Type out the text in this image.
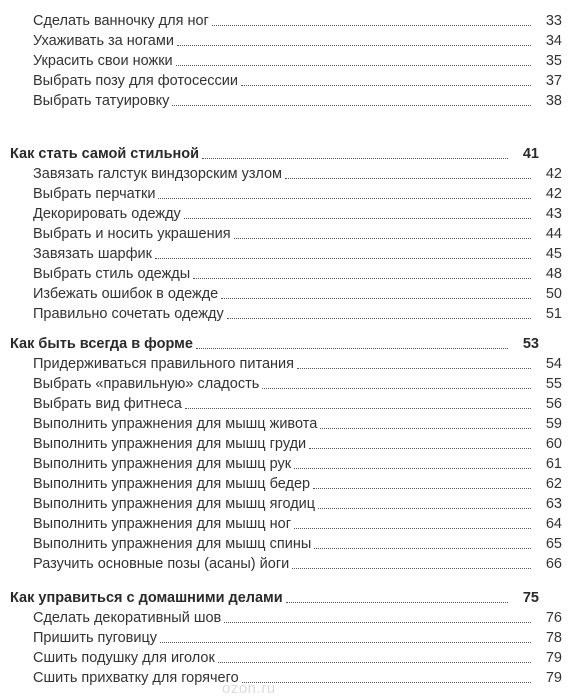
Сделать ванночку для ног	33
Ухаживать за ногами	34
Украсить свои ножки	35
Выбрать позу для фотосессии	37
Выбрать татуировку	38
Как стать самой стильной	41
Завязать галстук виндзорским узлом	42
Выбрать перчатки	42
Декорировать одежду	43
Выбрать и носить украшения	44
Завязать шарфик	45
Выбрать стиль одежды	48
Избежать ошибок в одежде	50
Правильно сочетать одежду	51
Как быть всегда в форме	53
Придерживаться правильного питания	54
Выбрать «правильную» сладость	55
Выбрать вид фитнеса	56
Выполнить упражнения для мышц живота	59
Выполнить упражнения для мышц груди	60
Выполнить упражнения для мышц рук	61
Выполнить упражнения для мышц бедер	62
Выполнить упражнения для мышц ягодиц	63
Выполнить упражнения для мышц ног	64
Выполнить упражнения для мышц спины	65
Разучить основные позы (асаны) йоги	66
Как управиться с домашними делами	75
Сделать декоративный шов	76
Пришить пуговицу	78
Сшить подушку для иголок	79
Сшить прихватку для горячего	79
ozon.ru
